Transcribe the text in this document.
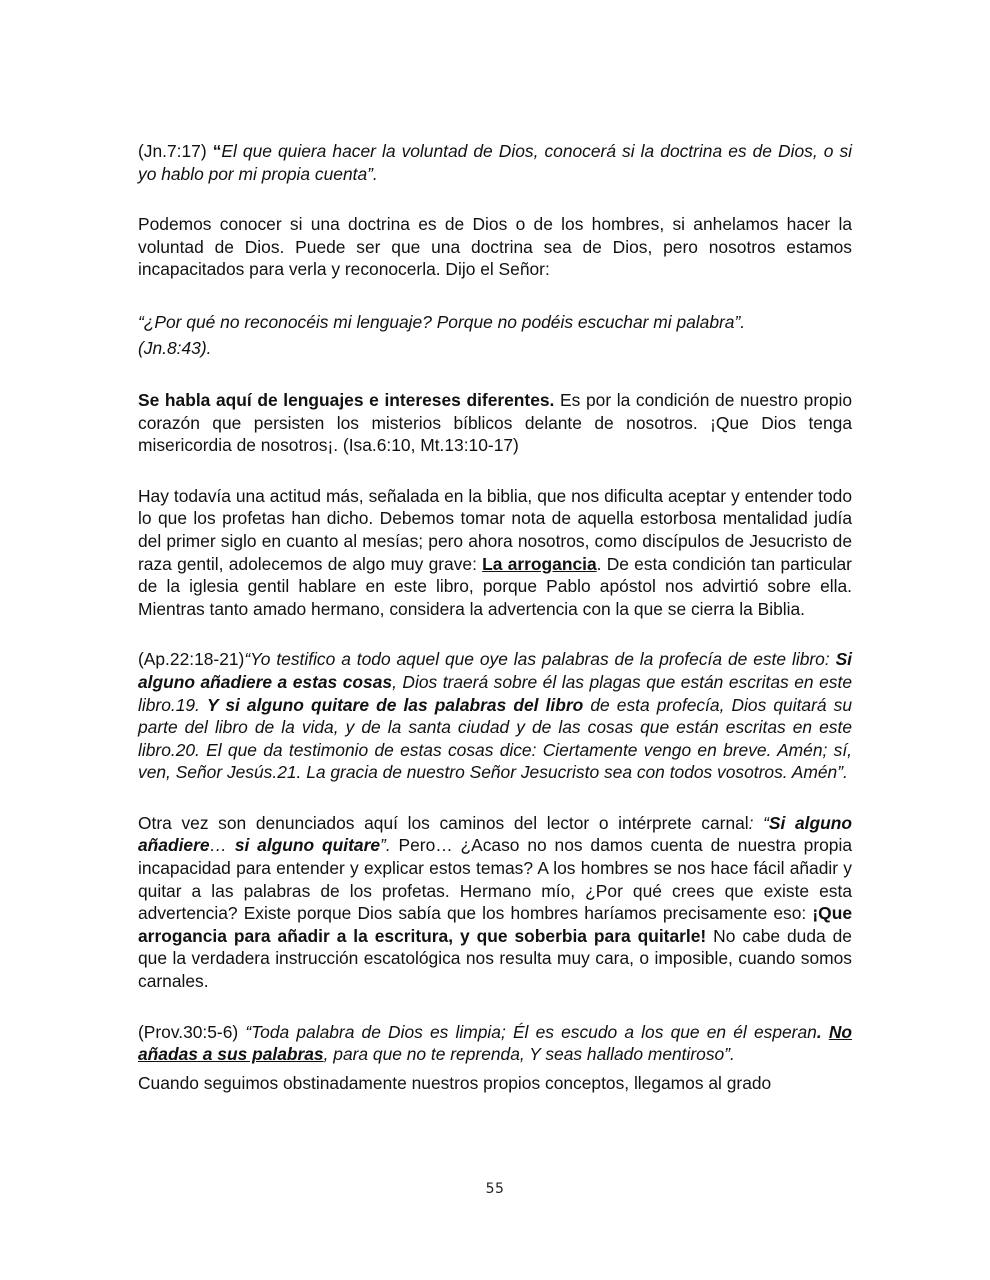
(Jn.7:17) “El que quiera hacer la voluntad de Dios, conocerá si la doctrina es de Dios, o si yo hablo por mi propia cuenta”.

Podemos conocer si una doctrina es de Dios o de los hombres, si anhelamos hacer la voluntad de Dios. Puede ser que una doctrina sea de Dios, pero nosotros estamos incapacitados para verla y reconocerla. Dijo el Señor:

“¿Por qué no reconocéis mi lenguaje? Porque no podéis escuchar mi palabra”.
(Jn.8:43).

Se habla aquí de lenguajes e intereses diferentes. Es por la condición de nuestro propio corazón que persisten los misterios bíblicos delante de nosotros. ¡Que Dios tenga misericordia de nosotros¡. (Isa.6:10, Mt.13:10-17)

Hay todavía una actitud más, señalada en la biblia, que nos dificulta aceptar y entender todo lo que los profetas han dicho. Debemos tomar nota de aquella estorbosa mentalidad judía del primer siglo en cuanto al mesías; pero ahora nosotros, como discípulos de Jesucristo de raza gentil, adolecemos de algo muy grave: La arrogancia. De esta condición tan particular de la iglesia gentil hablare en este libro, porque Pablo apóstol nos advirtió sobre ella. Mientras tanto amado hermano, considera la advertencia con la que se cierra la Biblia.

(Ap.22:18-21)“Yo testifico a todo aquel que oye las palabras de la profecía de este libro: Si alguno añadiere a estas cosas, Dios traerá sobre él las plagas que están escritas en este libro.19. Y si alguno quitare de las palabras del libro de esta profecía, Dios quitará su parte del libro de la vida, y de la santa ciudad y de las cosas que están escritas en este libro.20. El que da testimonio de estas cosas dice: Ciertamente vengo en breve. Amén; sí, ven, Señor Jesús.21. La gracia de nuestro Señor Jesucristo sea con todos vosotros. Amén”.

Otra vez son denunciados aquí los caminos del lector o intérprete carnal: “Si alguno añadiere… si alguno quitare”. Pero… ¿Acaso no nos damos cuenta de nuestra propia incapacidad para entender y explicar estos temas? A los hombres se nos hace fácil añadir y quitar a las palabras de los profetas. Hermano mío, ¿Por qué crees que existe esta advertencia? Existe porque Dios sabía que los hombres haríamos precisamente eso: ¡Que arrogancia para añadir a la escritura, y que soberbia para quitarle! No cabe duda de que la verdadera instrucción escatológica nos resulta muy cara, o imposible, cuando somos carnales.

(Prov.30:5-6) “Toda palabra de Dios es limpia; Él es escudo a los que en él esperan. No añadas a sus palabras, para que no te reprenda, Y seas hallado mentiroso”.

Cuando seguimos obstinadamente nuestros propios conceptos, llegamos al grado

55
